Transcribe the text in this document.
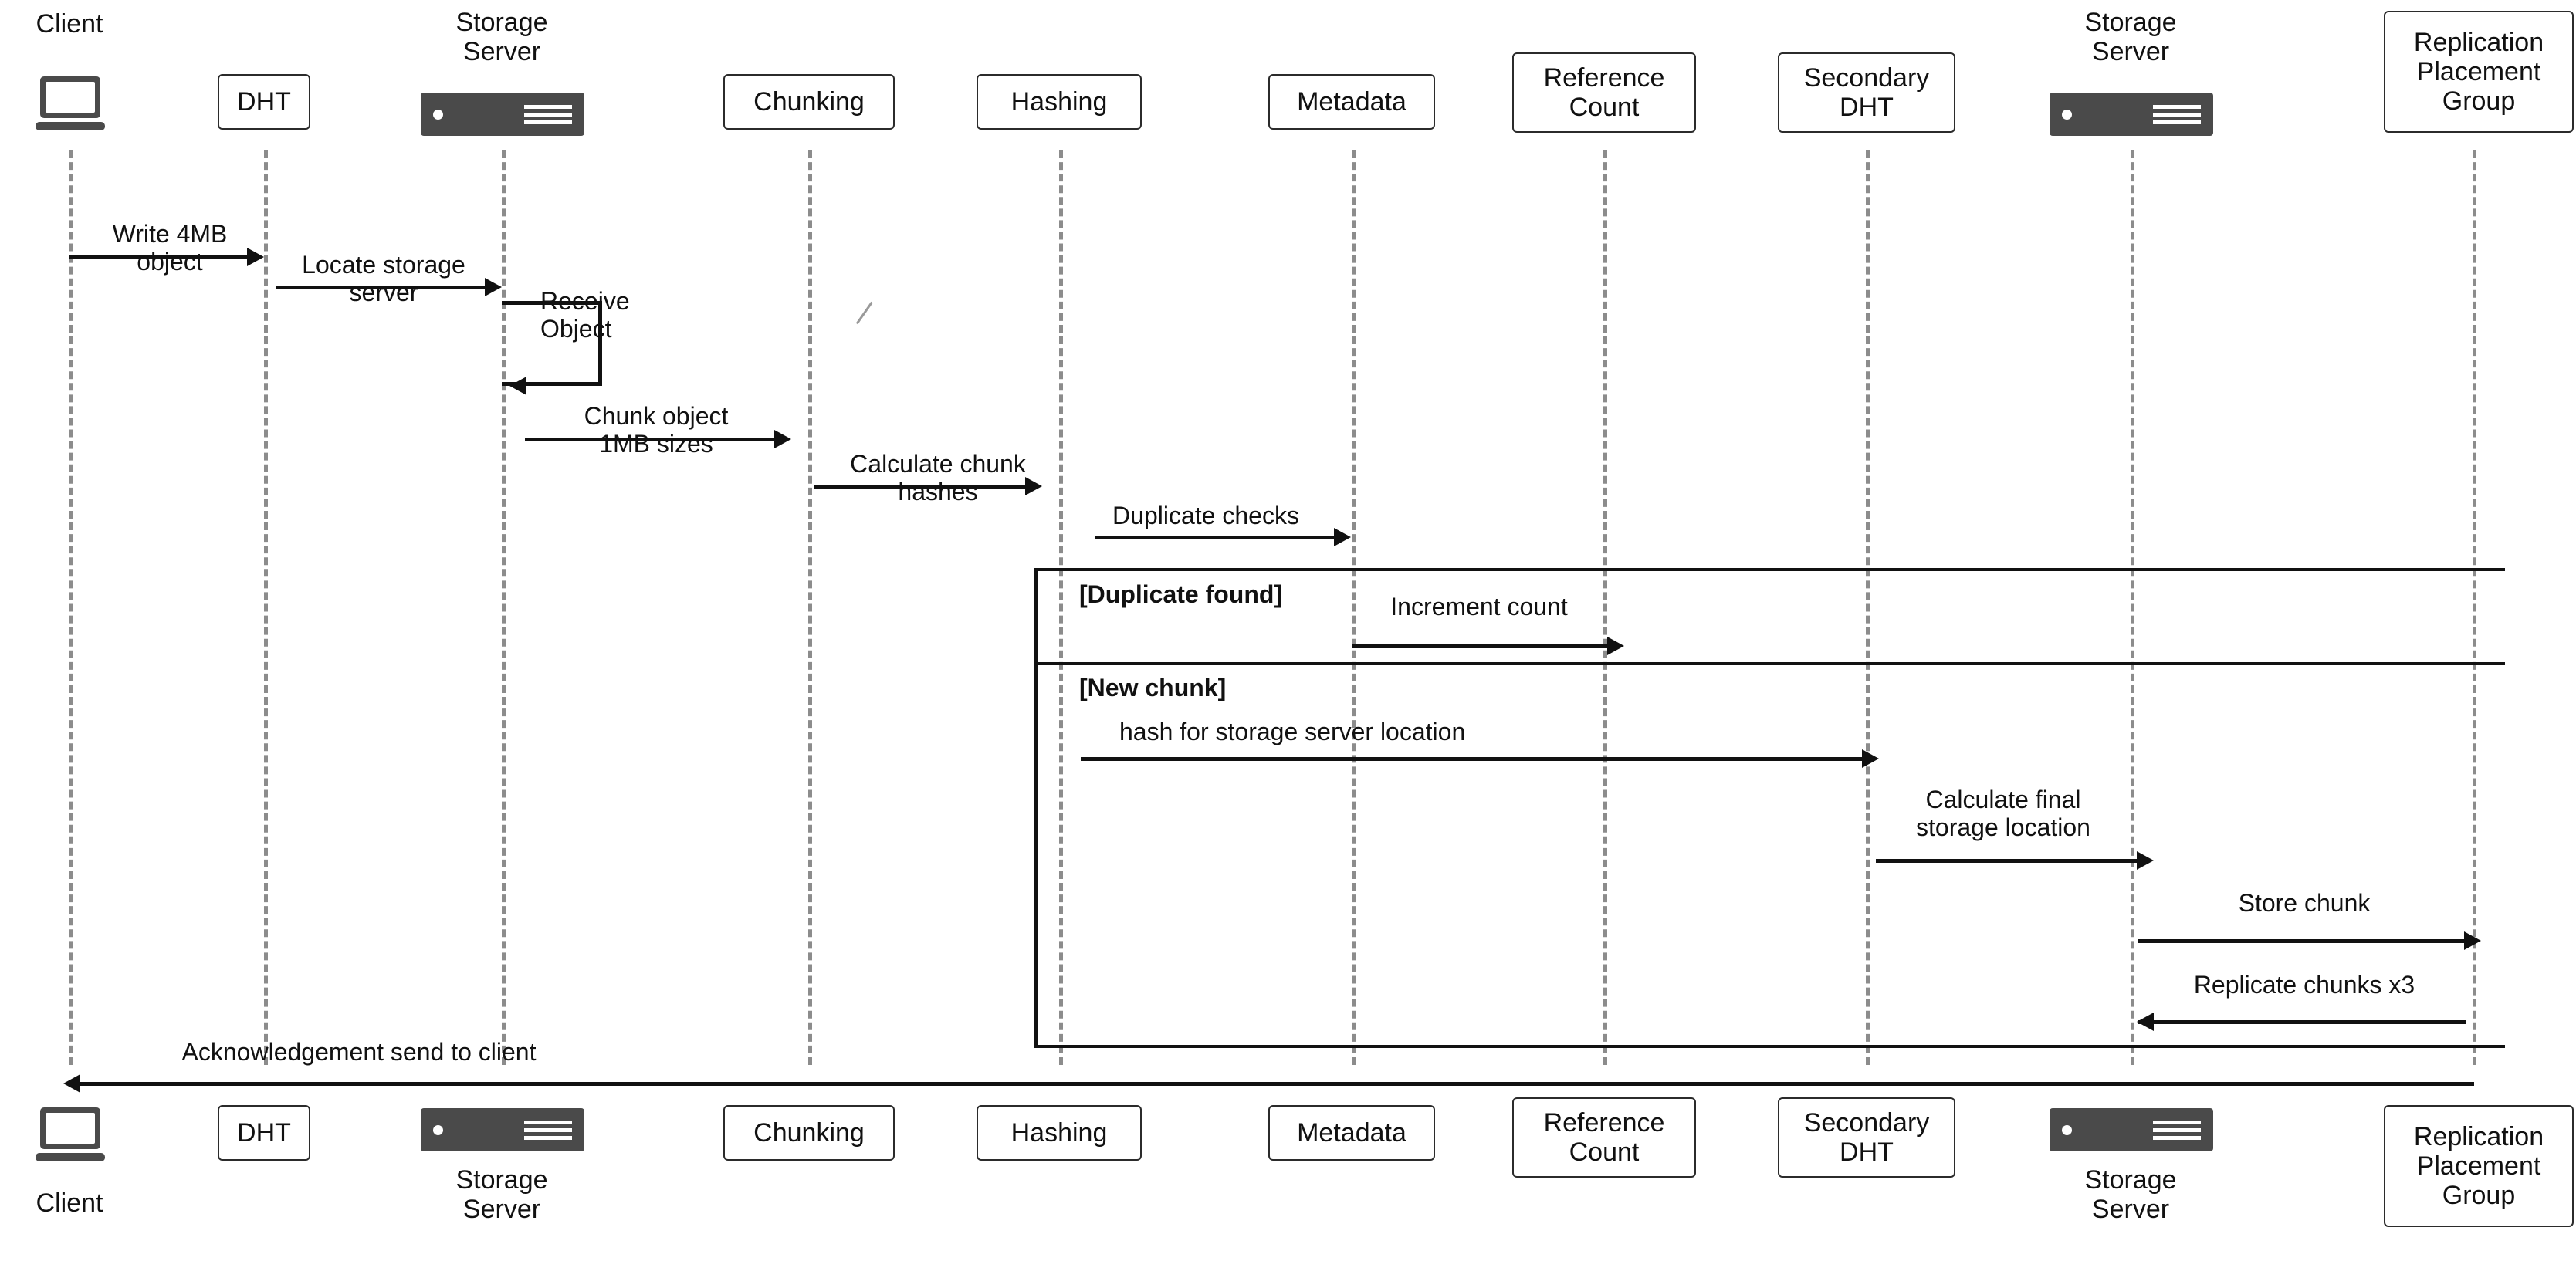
Client
DHT
Storage
Server
Chunking	Hashing	Metadata
Reference
Count
Secondary
DHT
Storage
Server	Replication
Placement
Group
Write 4MB
object	Locate storage
server	Receive
Object
Chunk object
1MB sizes
Calculate chunk
hashes
Duplicate checks
[Duplicate found]	Increment count
[New chunk]
hash for storage server location
Calculate final
storage location
Store chunk
Replicate chunks x3
Acknowledgement send to client
Client
DHT
Storage
Server
Chunking	Hashing	Metadata	Reference
Count
Secondary
DHT
Storage
Server
Replication
Placement
Group
